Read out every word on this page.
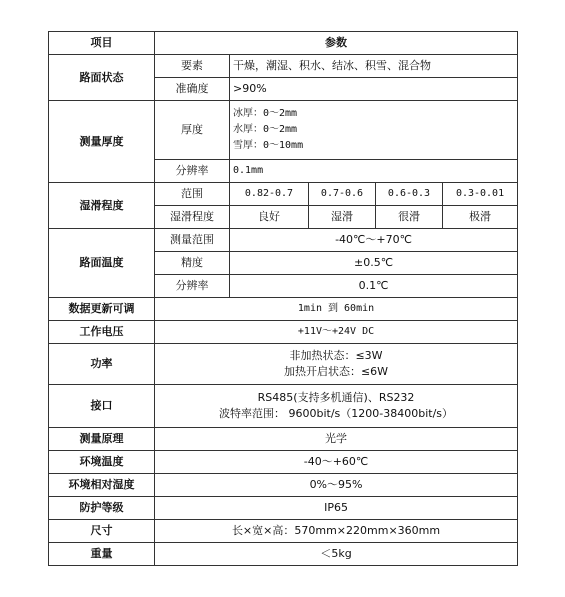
项目	参数				
路面状态	要素	干燥，潮湿、积水、结冰、积雪、混合物			
	准确度	>90%			
测量厚度	厚度	冰厚：0～2mm
水厚：0～2mm
雪厚：0～10mm			

	分辨率	0.1mm			
湿滑程度	范围	0.82-0.7	0.7-0.6	0.6-0.3	0.3-0.01
	湿滑程度	良好	湿滑	很滑	极滑
路面温度	测量范围	-40℃～+70℃			
	精度	±0.5℃			
	分辨率	0.1℃			
数据更新可调	1min 到 60min				
工作电压	+11V～+24V DC				
功率	非加热状态：≤3W
加热开启状态：≤6W				

接口	RS485(支持多机通信)、RS232
波特率范围： 9600bit/s（1200-38400bit/s）				

测量原理	光学				
环境温度	-40～+60℃				
环境相对湿度	0%～95%				
防护等级	IP65				
尺寸	长×宽×高：570mm×220mm×360mm				
重量	＜5kg				
